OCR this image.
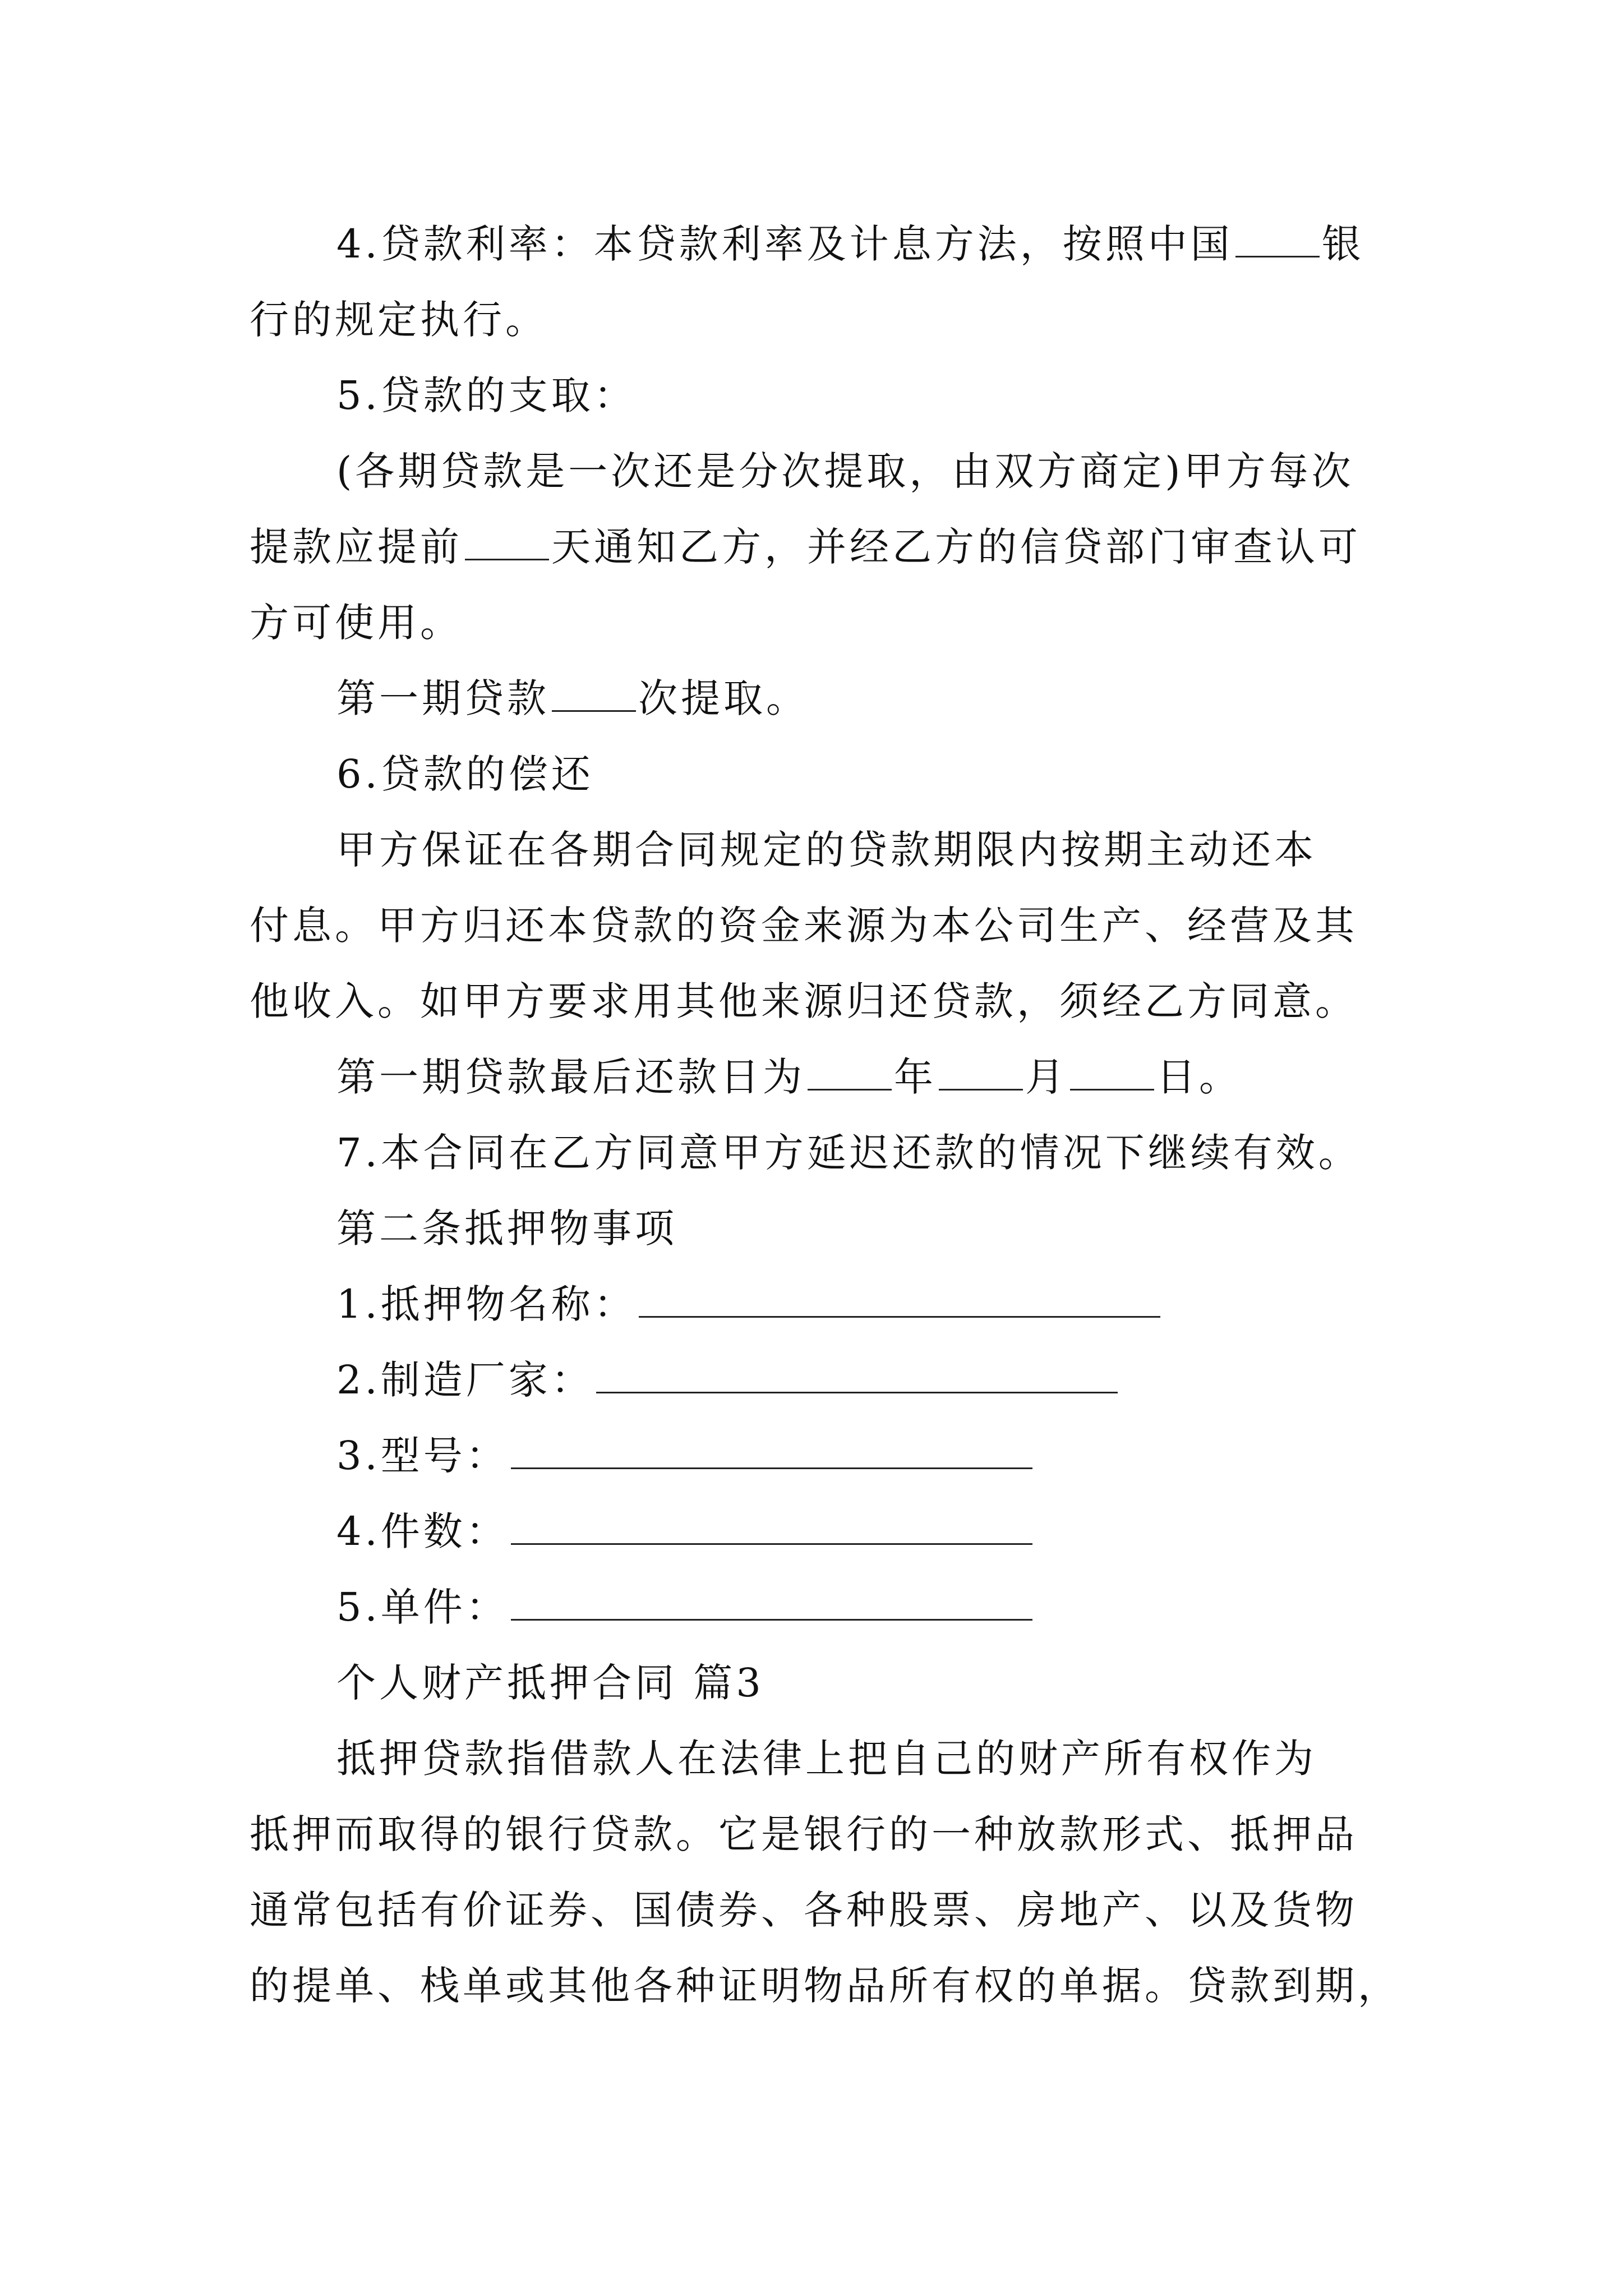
4.贷款利率：本贷款利率及计息方法，按照中国 银
行的规定执行。
5.贷款的支取：
(各期贷款是一次还是分次提取，由双方商定)甲方每次
提款应提前 天通知乙方，并经乙方的信贷部门审查认可
方可使用。
第一期贷款 次提取。
6.贷款的偿还
甲方保证在各期合同规定的贷款期限内按期主动还本
付息。甲方归还本贷款的资金来源为本公司生产、经营及其
他收入。如甲方要求用其他来源归还贷款，须经乙方同意。
第一期贷款最后还款日为 年 月 日。
7.本合同在乙方同意甲方延迟还款的情况下继续有效。
第二条抵押物事项
1.抵押物名称：
2.制造厂家：
3.型号：
4.件数：
5.单件：
个人财产抵押合同 篇3
抵押贷款指借款人在法律上把自己的财产所有权作为
抵押而取得的银行贷款。它是银行的一种放款形式、抵押品
通常包括有价证券、国债券、各种股票、房地产、以及货物
的提单、栈单或其他各种证明物品所有权的单据。贷款到期，
